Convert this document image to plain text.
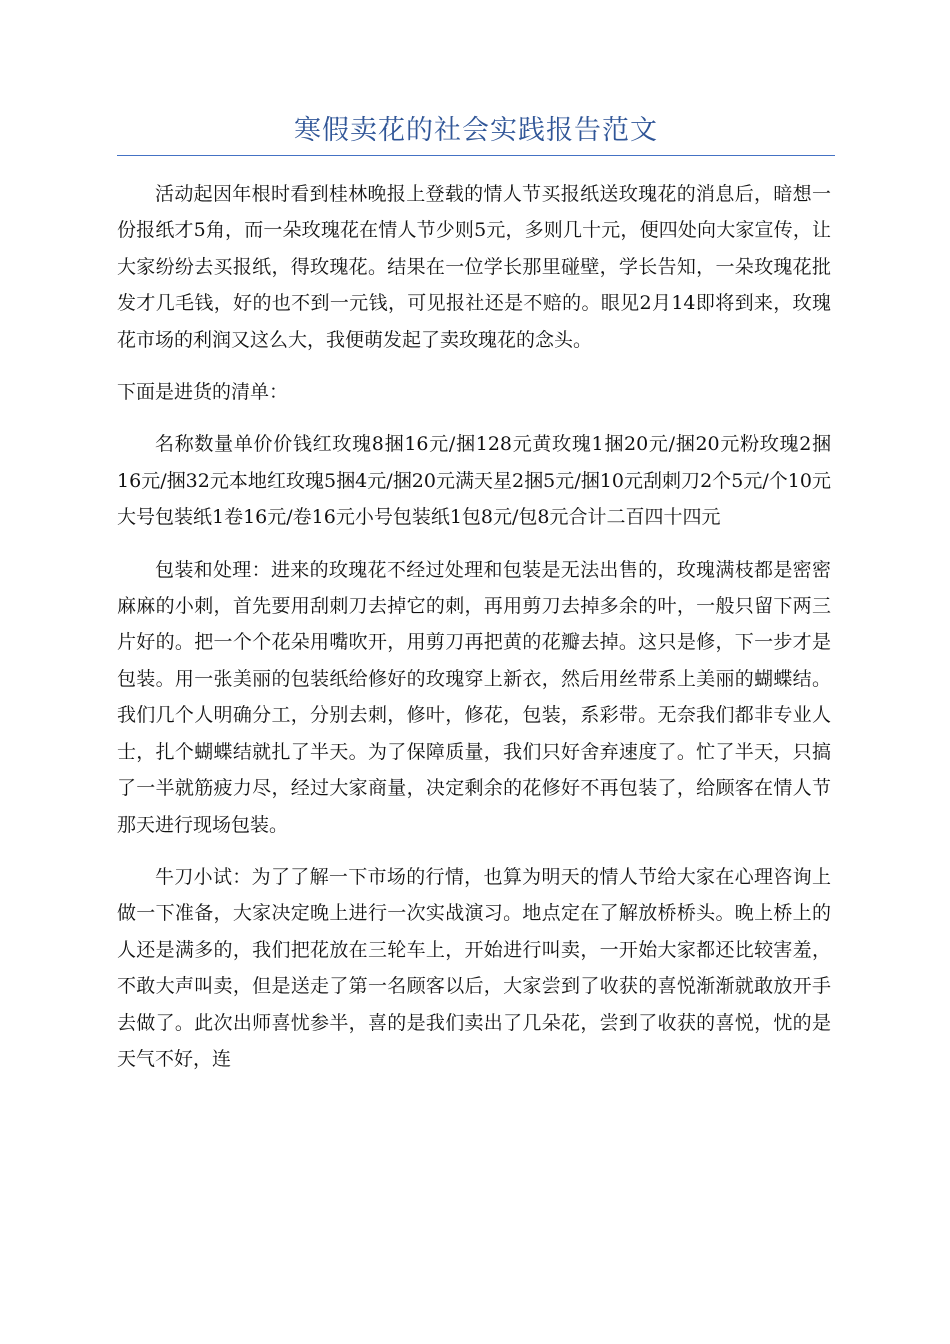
寒假卖花的社会实践报告范文

活动起因年根时看到桂林晚报上登载的情人节买报纸送玫瑰花的消息后，暗想一份报纸才5角，而一朵玫瑰花在情人节少则5元，多则几十元，便四处向大家宣传，让大家纷纷去买报纸，得玫瑰花。结果在一位学长那里碰壁，学长告知，一朵玫瑰花批发才几毛钱，好的也不到一元钱，可见报社还是不赔的。眼见2月14即将到来，玫瑰花市场的利润又这么大，我便萌发起了卖玫瑰花的念头。

下面是进货的清单：

名称数量单价价钱红玫瑰8捆16元/捆128元黄玫瑰1捆20元/捆20元粉玫瑰2捆16元/捆32元本地红玫瑰5捆4元/捆20元满天星2捆5元/捆10元刮刺刀2个5元/个10元大号包装纸1卷16元/卷16元小号包装纸1包8元/包8元合计二百四十四元

包装和处理：进来的玫瑰花不经过处理和包装是无法出售的，玫瑰满枝都是密密麻麻的小刺，首先要用刮刺刀去掉它的刺，再用剪刀去掉多余的叶，一般只留下两三片好的。把一个个花朵用嘴吹开，用剪刀再把黄的花瓣去掉。这只是修，下一步才是包装。用一张美丽的包装纸给修好的玫瑰穿上新衣，然后用丝带系上美丽的蝴蝶结。我们几个人明确分工，分别去刺，修叶，修花，包装，系彩带。无奈我们都非专业人士，扎个蝴蝶结就扎了半天。为了保障质量，我们只好舍弃速度了。忙了半天，只搞了一半就筋疲力尽，经过大家商量，决定剩余的花修好不再包装了，给顾客在情人节那天进行现场包装。

牛刀小试：为了了解一下市场的行情，也算为明天的情人节给大家在心理咨询上做一下准备，大家决定晚上进行一次实战演习。地点定在了解放桥桥头。晚上桥上的人还是满多的，我们把花放在三轮车上，开始进行叫卖，一开始大家都还比较害羞，不敢大声叫卖，但是送走了第一名顾客以后，大家尝到了收获的喜悦渐渐就敢放开手去做了。此次出师喜忧参半，喜的是我们卖出了几朵花，尝到了收获的喜悦，忧的是天气不好，连
